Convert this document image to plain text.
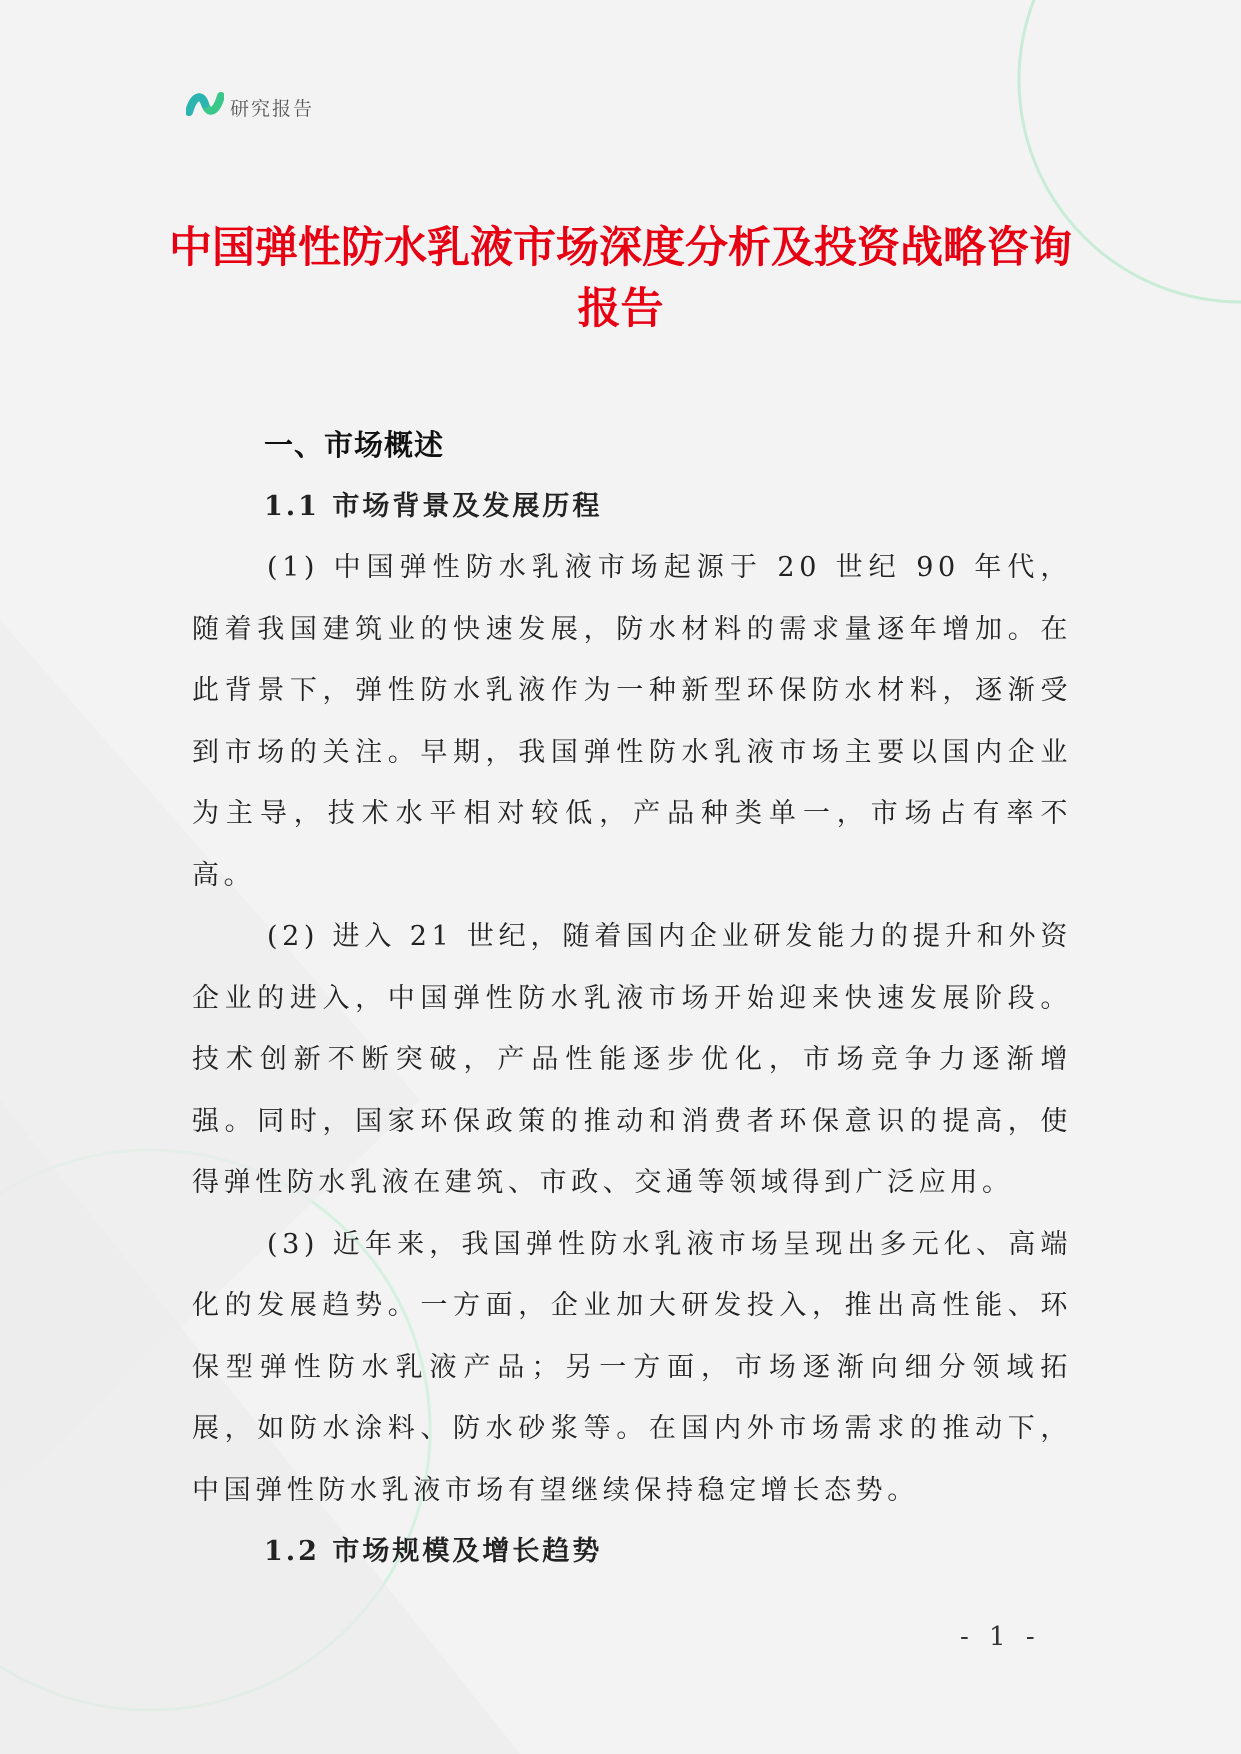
研究报告
中国弹性防水乳液市场深度分析及投资战略咨询报告
一、市场概述
1.1 市场背景及发展历程

(1) 中国弹性防水乳液市场起源于 20 世纪 90 年代，随着我国建筑业的快速发展，防水材料的需求量逐年增加。在此背景下，弹性防水乳液作为一种新型环保防水材料，逐渐受到市场的关注。早期，我国弹性防水乳液市场主要以国内企业为主导，技术水平相对较低，产品种类单一，市场占有率不高。

(2) 进入 21 世纪，随着国内企业研发能力的提升和外资企业的进入，中国弹性防水乳液市场开始迎来快速发展阶段。技术创新不断突破，产品性能逐步优化，市场竞争力逐渐增强。同时，国家环保政策的推动和消费者环保意识的提高，使得弹性防水乳液在建筑、市政、交通等领域得到广泛应用。

(3) 近年来，我国弹性防水乳液市场呈现出多元化、高端化的发展趋势。一方面，企业加大研发投入，推出高性能、环保型弹性防水乳液产品；另一方面，市场逐渐向细分领域拓展，如防水涂料、防水砂浆等。在国内外市场需求的推动下，中国弹性防水乳液市场有望继续保持稳定增长态势。

1.2 市场规模及增长趋势
- 1 -
